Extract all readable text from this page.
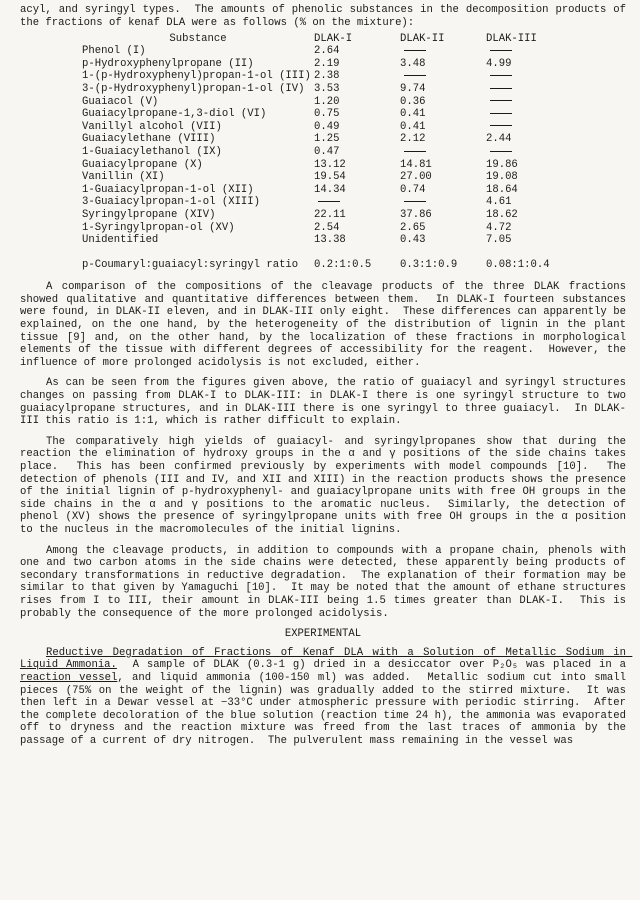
acyl, and syringyl types.  The amounts of phenolic substances in the decomposition products of the fractions of kenaf DLA were as follows (% on the mixture):

Substance	DLAK-I	DLAK-II	DLAK-III
Phenol (I)	2.64		
p-Hydroxyphenylpropane (II)	2.19	3.48	4.99
1-(p-Hydroxyphenyl)propan-1-ol (III)	2.38		
3-(p-Hydroxyphenyl)propan-1-ol (IV)	3.53	9.74	
Guaiacol (V)	1.20	0.36	
Guaiacylpropane-1,3-diol (VI)	0.75	0.41	
Vanillyl alcohol (VII)	0.49	0.41	
Guaiacylethane (VIII)	1.25	2.12	2.44
1-Guaiacylethanol (IX)	0.47		
Guaiacylpropane (X)	13.12	14.81	19.86
Vanillin (XI)	19.54	27.00	19.08
1-Guaiacylpropan-1-ol (XII)	14.34	0.74	18.64
3-Guaiacylpropan-1-ol (XIII)			4.61
Syringylpropane (XIV)	22.11	37.86	18.62
1-Syringylpropan-ol (XV)	2.54	2.65	4.72
Unidentified	13.38	0.43	7.05
p-Coumaryl:guaiacyl:syringyl ratio	0.2:1:0.5	0.3:1:0.9	0.08:1:0.4

A comparison of the compositions of the cleavage products of the three DLAK fractions showed qualitative and quantitative differences between them.  In DLAK-I fourteen substances were found, in DLAK-II eleven, and in DLAK-III only eight.  These differences can apparently be explained, on the one hand, by the heterogeneity of the distribution of lignin in the plant tissue [9] and, on the other hand, by the localization of these fractions in morphological elements of the tissue with different degrees of accessibility for the reagent.  However, the influence of more prolonged acidolysis is not excluded, either.

As can be seen from the figures given above, the ratio of guaiacyl and syringyl structures changes on passing from DLAK-I to DLAK-III: in DLAK-I there is one syringyl structure to two guaiacylpropane structures, and in DLAK-III there is one syringyl to three guaiacyl.  In DLAK-III this ratio is 1:1, which is rather difficult to explain.

The comparatively high yields of guaiacyl- and syringylpropanes show that during the reaction the elimination of hydroxy groups in the α and γ positions of the side chains takes place.  This has been confirmed previously by experiments with model compounds [10].  The detection of phenols (III and IV, and XII and XIII) in the reaction products shows the presence of the initial lignin of p-hydroxyphenyl- and guaiacylpropane units with free OH groups in the side chains in the α and γ positions to the aromatic nucleus.  Similarly, the detection of phenol (XV) shows the presence of syringylpropane units with free OH groups in the α position to the nucleus in the macromolecules of the initial lignins.

Among the cleavage products, in addition to compounds with a propane chain, phenols with one and two carbon atoms in the side chains were detected, these apparently being products of secondary transformations in reductive degradation.  The explanation of their formation may be similar to that given by Yamaguchi [10].  It may be noted that the amount of ethane structures rises from I to III, their amount in DLAK-III being 1.5 times greater than DLAK-I.  This is probably the consequence of the more prolonged acidolysis.

EXPERIMENTAL

Reductive Degradation of Fractions of Kenaf DLA with a Solution of Metallic Sodium in Liquid Ammonia.  A sample of DLAK (0.3-1 g) dried in a desiccator over P₂O₅ was placed in a reaction vessel, and liquid ammonia (100-150 ml) was added.  Metallic sodium cut into small pieces (75% on the weight of the lignin) was gradually added to the stirred mixture.  It was then left in a Dewar vessel at −33°C under atmospheric pressure with periodic stirring.  After the complete decoloration of the blue solution (reaction time 24 h), the ammonia was evaporated off to dryness and the reaction mixture was freed from the last traces of ammonia by the passage of a current of dry nitrogen.  The pulverulent mass remaining in the vessel was
